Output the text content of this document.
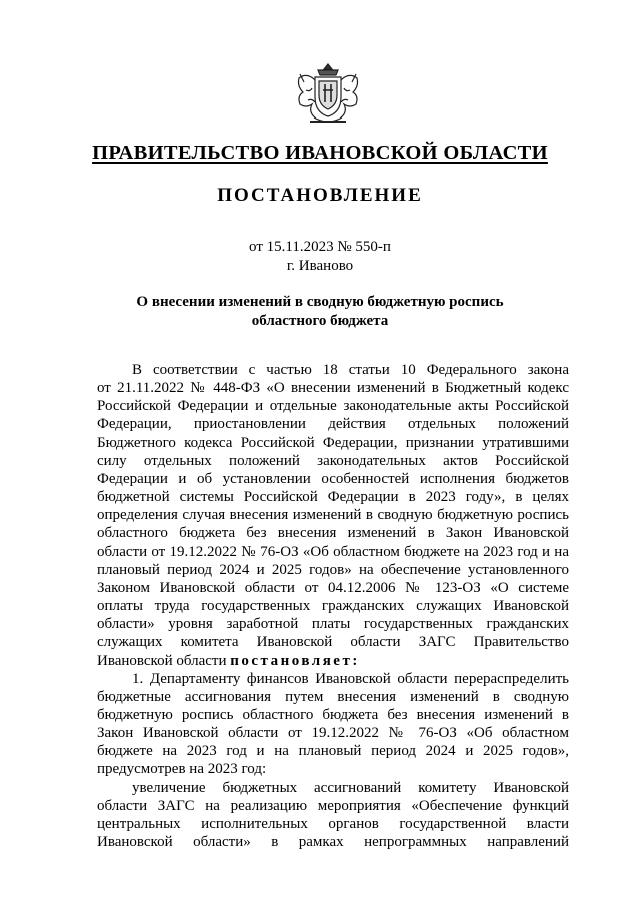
ПРАВИТЕЛЬСТВО ИВАНОВСКОЙ ОБЛАСТИ
ПОСТАНОВЛЕНИЕ
от 15.11.2023 № 550-п
г. Иваново
О внесении изменений в сводную бюджетную роспись
областного бюджета
В соответствии с частью 18 статьи 10 Федерального закона
от 21.11.2022 № 448-ФЗ «О внесении изменений в Бюджетный кодекс
Российской Федерации и отдельные законодательные акты Российской
Федерации, приостановлении действия отдельных положений
Бюджетного кодекса Российской Федерации, признании утратившими
силу отдельных положений законодательных актов Российской
Федерации и об установлении особенностей исполнения бюджетов
бюджетной системы Российской Федерации в 2023 году», в целях
определения случая внесения изменений в сводную бюджетную роспись
областного бюджета без внесения изменений в Закон Ивановской
области от 19.12.2022 № 76-ОЗ «Об областном бюджете на 2023 год и на
плановый период 2024 и 2025 годов» на обеспечение установленного
Законом Ивановской области от 04.12.2006 № 123-ОЗ «О системе
оплаты труда государственных гражданских служащих Ивановской
области» уровня заработной платы государственных гражданских
служащих комитета Ивановской области ЗАГС Правительство
Ивановской области постановляет:
1. Департаменту финансов Ивановской области перераспределить
бюджетные ассигнования путем внесения изменений в сводную
бюджетную роспись областного бюджета без внесения изменений в
Закон Ивановской области от 19.12.2022 № 76-ОЗ «Об областном
бюджете на 2023 год и на плановый период 2024 и 2025 годов»,
предусмотрев на 2023 год:
увеличение бюджетных ассигнований комитету Ивановской
области ЗАГС на реализацию мероприятия «Обеспечение функций
центральных исполнительных органов государственной власти
Ивановской области» в рамках непрограммных направлений
